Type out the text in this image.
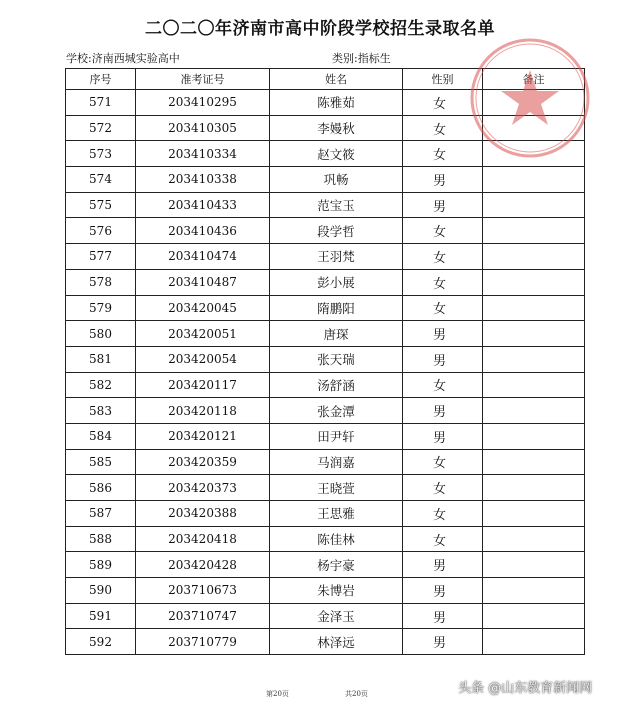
二〇二〇年济南市高中阶段学校招生录取名单
学校:济南西城实验高中	类别:指标生
序号	准考证号	姓名	性别	备注
571	203410295	陈雅茹	女	
572	203410305	李嫚秋	女	
573	203410334	赵文筱	女	
574	203410338	巩畅	男	
575	203410433	范宝玉	男	
576	203410436	段学哲	女	
577	203410474	王羽梵	女	
578	203410487	彭小展	女	
579	203420045	隋鹏阳	女	
580	203420051	唐琛	男	
581	203420054	张天瑞	男	
582	203420117	汤舒涵	女	
583	203420118	张金潭	男	
584	203420121	田尹轩	男	
585	203420359	马润嘉	女	
586	203420373	王晓萱	女	
587	203420388	王思雅	女	
588	203420418	陈佳林	女	
589	203420428	杨宇豪	男	
590	203710673	朱博岩	男	
591	203710747	金泽玉	男	
592	203710779	林泽远	男	
第20页	共20页	头条 @山东教育新闻网
